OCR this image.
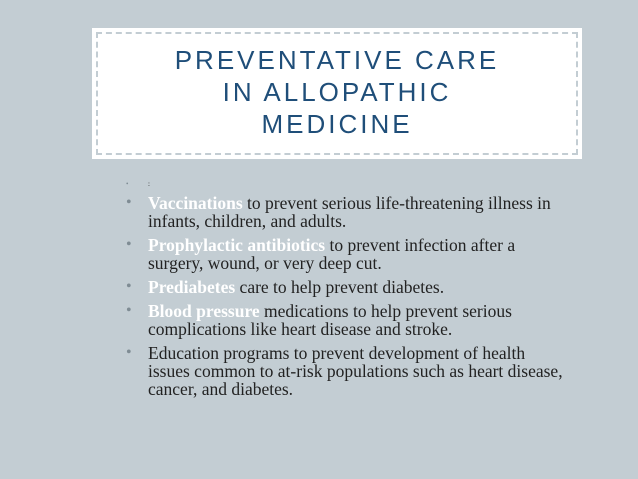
PREVENTATIVE CARE
IN ALLOPATHIC
MEDICINE
• :
• Vaccinations to prevent serious life-threatening illness in infants, children, and adults.
• Prophylactic antibiotics to prevent infection after a surgery, wound, or very deep cut.
• Prediabetes care to help prevent diabetes.
• Blood pressure medications to help prevent serious complications like heart disease and stroke.
• Education programs to prevent development of health issues common to at-risk populations such as heart disease, cancer, and diabetes.
